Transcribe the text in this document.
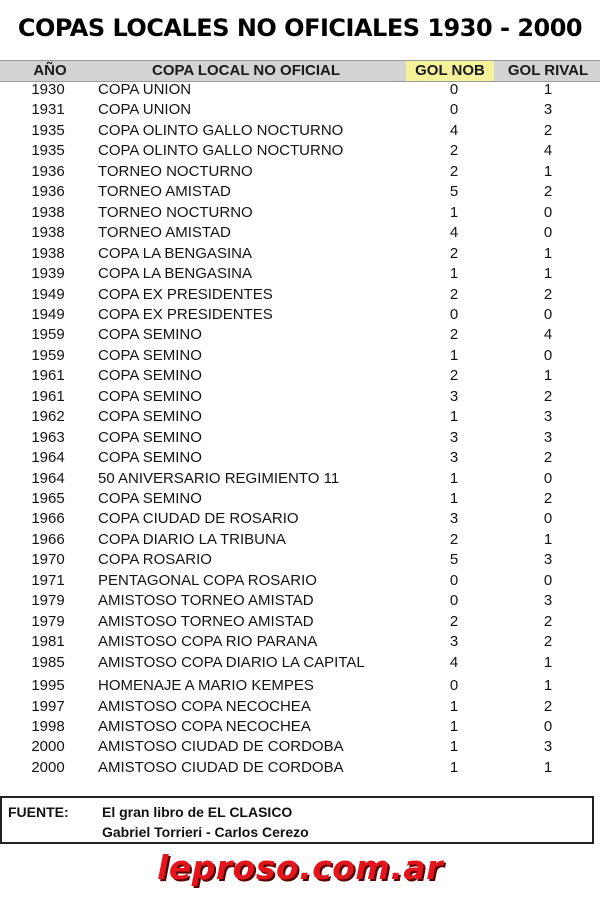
COPAS LOCALES NO OFICIALES 1930 - 2000
AÑO	COPA LOCAL NO OFICIAL	GOL NOB	GOL RIVAL
1930	COPA UNION	0	1
1931	COPA UNION	0	3
1935	COPA OLINTO GALLO NOCTURNO	4	2
1935	COPA OLINTO GALLO NOCTURNO	2	4
1936	TORNEO NOCTURNO	2	1
1936	TORNEO AMISTAD	5	2
1938	TORNEO NOCTURNO	1	0
1938	TORNEO AMISTAD	4	0
1938	COPA LA BENGASINA	2	1
1939	COPA LA BENGASINA	1	1
1949	COPA EX PRESIDENTES	2	2
1949	COPA EX PRESIDENTES	0	0
1959	COPA SEMINO	2	4
1959	COPA SEMINO	1	0
1961	COPA SEMINO	2	1
1961	COPA SEMINO	3	2
1962	COPA SEMINO	1	3
1963	COPA SEMINO	3	3
1964	COPA SEMINO	3	2
1964	50 ANIVERSARIO REGIMIENTO 11	1	0
1965	COPA SEMINO	1	2
1966	COPA CIUDAD DE ROSARIO	3	0
1966	COPA DIARIO LA TRIBUNA	2	1
1970	COPA ROSARIO	5	3
1971	PENTAGONAL COPA ROSARIO	0	0
1979	AMISTOSO TORNEO AMISTAD	0	3
1979	AMISTOSO TORNEO AMISTAD	2	2
1981	AMISTOSO COPA RIO PARANA	3	2
1985	AMISTOSO COPA DIARIO LA CAPITAL	4	1
1995	HOMENAJE A MARIO KEMPES	0	1
1997	AMISTOSO COPA NECOCHEA	1	2
1998	AMISTOSO COPA NECOCHEA	1	0
2000	AMISTOSO CIUDAD DE CORDOBA	1	3
2000	AMISTOSO CIUDAD DE CORDOBA	1	1
FUENTE: El gran libro de EL CLASICO
Gabriel Torrieri - Carlos Cerezo
leproso.com.ar
